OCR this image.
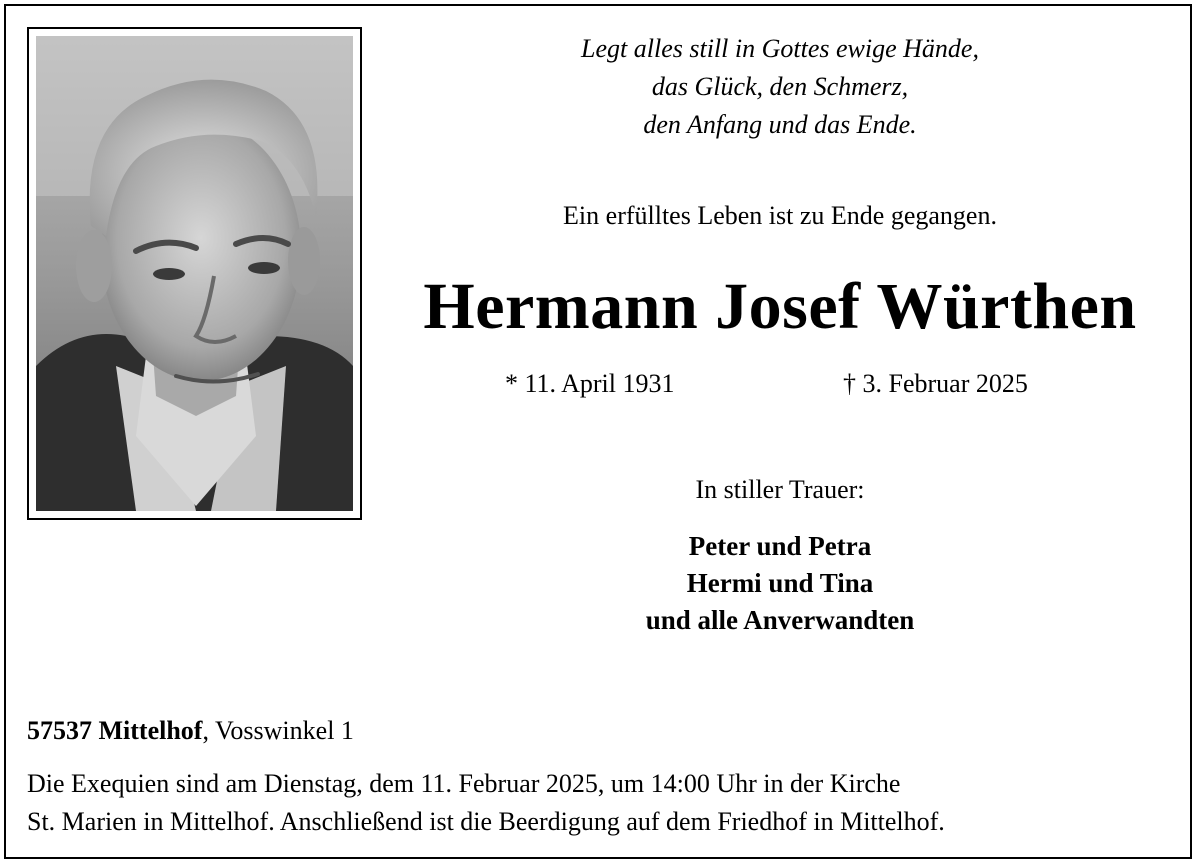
Legt alles still in Gottes ewige Hände,
das Glück, den Schmerz,
den Anfang und das Ende.
Ein erfülltes Leben ist zu Ende gegangen.
Hermann Josef Würthen
* 11. April 1931	† 3. Februar 2025
In stiller Trauer:
Peter und Petra
Hermi und Tina
und alle Anverwandten
57537 Mittelhof, Vosswinkel 1
Die Exequien sind am Dienstag, dem 11. Februar 2025, um 14:00 Uhr in der Kirche
St. Marien in Mittelhof. Anschließend ist die Beerdigung auf dem Friedhof in Mittelhof.
